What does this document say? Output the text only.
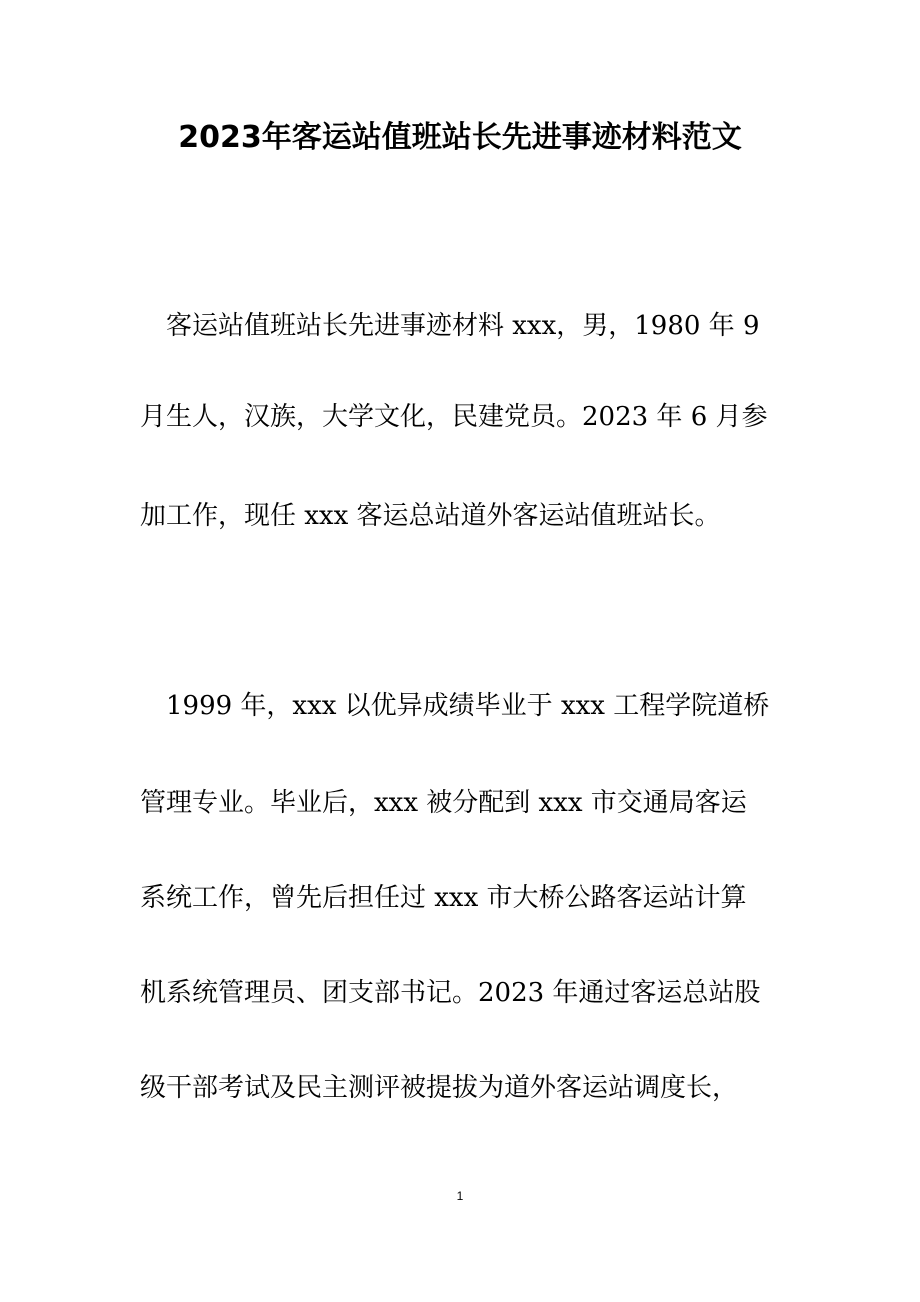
2023年客运站值班站长先进事迹材料范文

　客运站值班站长先进事迹材料 xxx，男，1980 年 9

月生人，汉族，大学文化，民建党员。2023 年 6 月参

加工作，现任 xxx 客运总站道外客运站值班站长。

　1999 年，xxx 以优异成绩毕业于 xxx 工程学院道桥

管理专业。毕业后，xxx 被分配到 xxx 市交通局客运

系统工作，曾先后担任过 xxx 市大桥公路客运站计算

机系统管理员、团支部书记。2023 年通过客运总站股

级干部考试及民主测评被提拔为道外客运站调度长，

1
